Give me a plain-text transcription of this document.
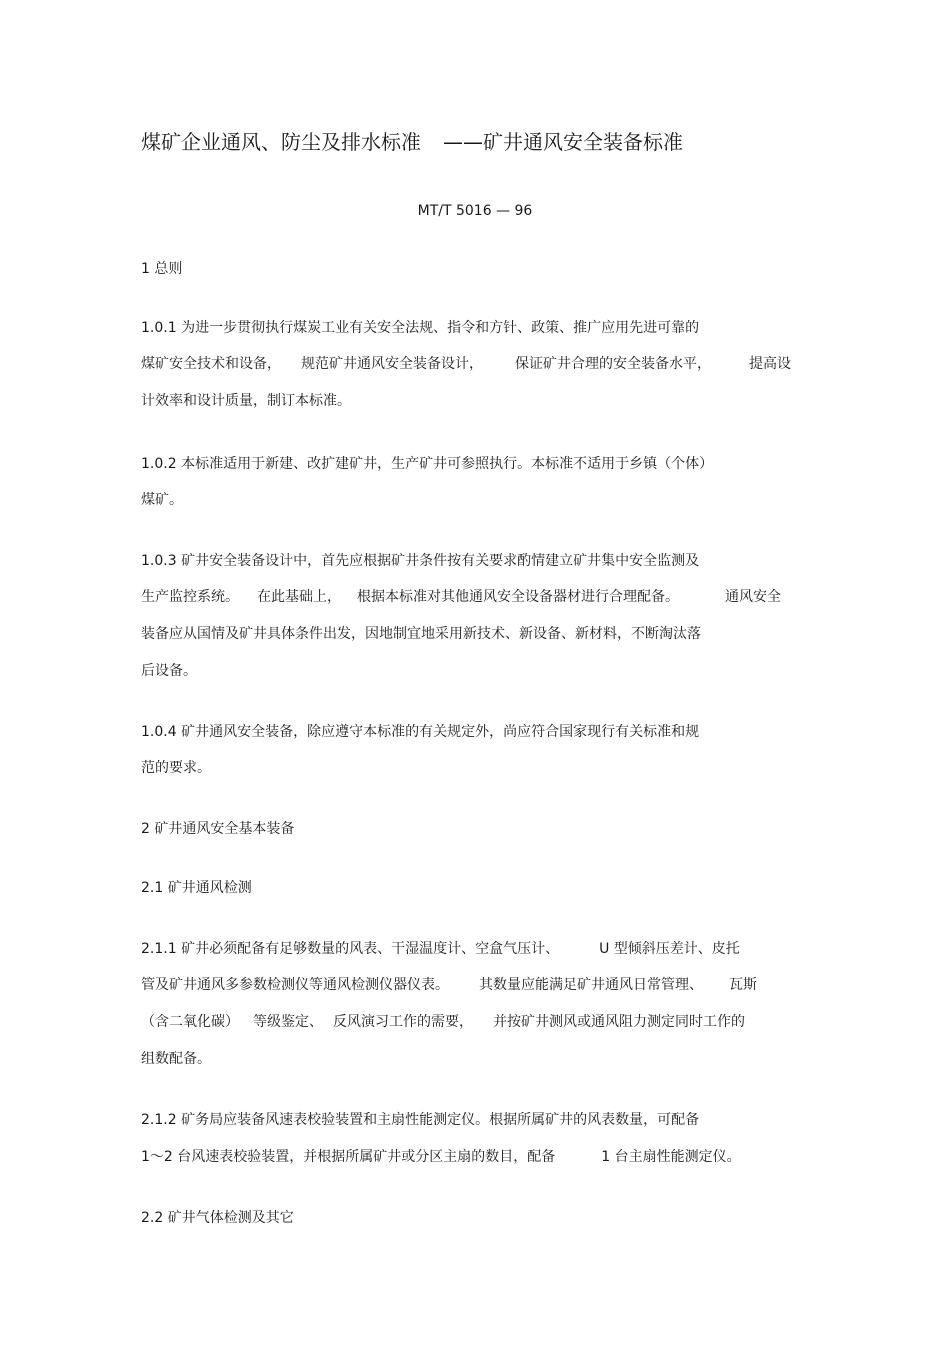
煤矿企业通风、防尘及排水标准 ——矿井通风安全装备标准
MT/T 5016 — 96
1 总则
1.0.1 为进一步贯彻执行煤炭工业有关安全法规、指令和方针、政策、推广应用先进可靠的
煤矿安全技术和设备， 规范矿井通风安全装备设计， 保证矿井合理的安全装备水平，	提高设
计效率和设计质量，制订本标准。
1.0.2 本标准适用于新建、改扩建矿井，生产矿井可参照执行。本标准不适用于乡镇（个体）
煤矿。
1.0.3 矿井安全装备设计中，首先应根据矿井条件按有关要求酌情建立矿井集中安全监测及
生产监控系统。 在此基础上， 根据本标准对其他通风安全设备器材进行合理配备。	通风安全
装备应从国情及矿井具体条件出发，因地制宜地采用新技术、新设备、新材料，不断淘汰落
后设备。
1.0.4 矿井通风安全装备，除应遵守本标准的有关规定外，尚应符合国家现行有关标准和规
范的要求。
2 矿井通风安全基本装备
2.1 矿井通风检测
2.1.1 矿井必须配备有足够数量的风表、干湿温度计、空盒气压计、	U 型倾斜压差计、皮托
管及矿井通风多参数检测仪等通风检测仪器仪表。 其数量应能满足矿井通风日常管理、 瓦斯
（含二氧化碳） 等级鉴定、 反风演习工作的需要， 并按矿井测风或通风阻力测定同时工作的
组数配备。
2.1.2 矿务局应装备风速表校验装置和主扇性能测定仪。根据所属矿井的风表数量，可配备
1～2 台风速表校验装置，并根据所属矿井或分区主扇的数目，配备	1 台主扇性能测定仪。
2.2 矿井气体检测及其它
